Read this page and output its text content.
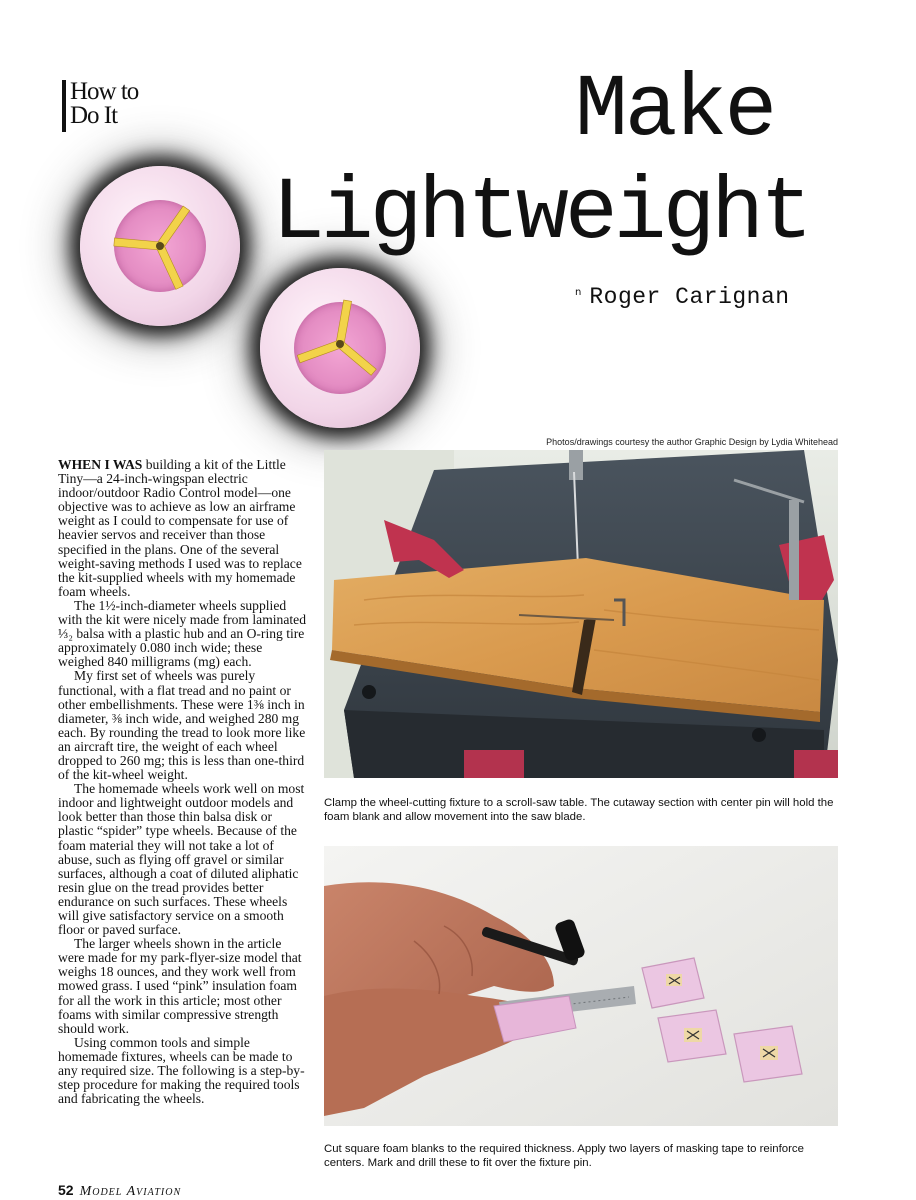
How to
Do It	Make
Lightweight
$^n$ Roger Carignan
Photos/drawings courtesy the author Graphic Design by Lydia Whitehead

WHEN I WAS building a kit of the Little Tiny—a 24-inch-wingspan electric indoor/outdoor Radio Control model—one objective was to achieve as low an airframe weight as I could to compensate for use of heavier servos and receiver than those specified in the plans. One of the several weight-saving methods I used was to replace the kit-supplied wheels with my homemade foam wheels.

The 1½-inch-diameter wheels supplied with the kit were nicely made from laminated ⅓₂ balsa with a plastic hub and an O-ring tire approximately 0.080 inch wide; these weighed 840 milligrams (mg) each.

My first set of wheels was purely functional, with a flat tread and no paint or other embellishments. These were 1⅜ inch in diameter, ⅜ inch wide, and weighed 280 mg each. By rounding the tread to look more like an aircraft tire, the weight of each wheel dropped to 260 mg; this is less than one-third of the kit-wheel weight.

The homemade wheels work well on most indoor and lightweight outdoor models and look better than those thin balsa disk or plastic “spider” type wheels. Because of the foam material they will not take a lot of abuse, such as flying off gravel or similar surfaces, although a coat of diluted aliphatic resin glue on the tread provides better endurance on such surfaces. These wheels will give satisfactory service on a smooth floor or paved surface.

The larger wheels shown in the article were made for my park-flyer-size model that weighs 18 ounces, and they work well from mowed grass. I used “pink” insulation foam for all the work in this article; most other foams with similar compressive strength should work.

Using common tools and simple homemade fixtures, wheels can be made to any required size. The following is a step-by-step procedure for making the required tools and fabricating the wheels.

Clamp the wheel-cutting fixture to a scroll-saw table. The cutaway section with center pin will hold the foam blank and allow movement into the saw blade.
Cut square foam blanks to the required thickness. Apply two layers of masking tape to reinforce centers. Mark and drill these to fit over the fixture pin.
52 Model Aviation
